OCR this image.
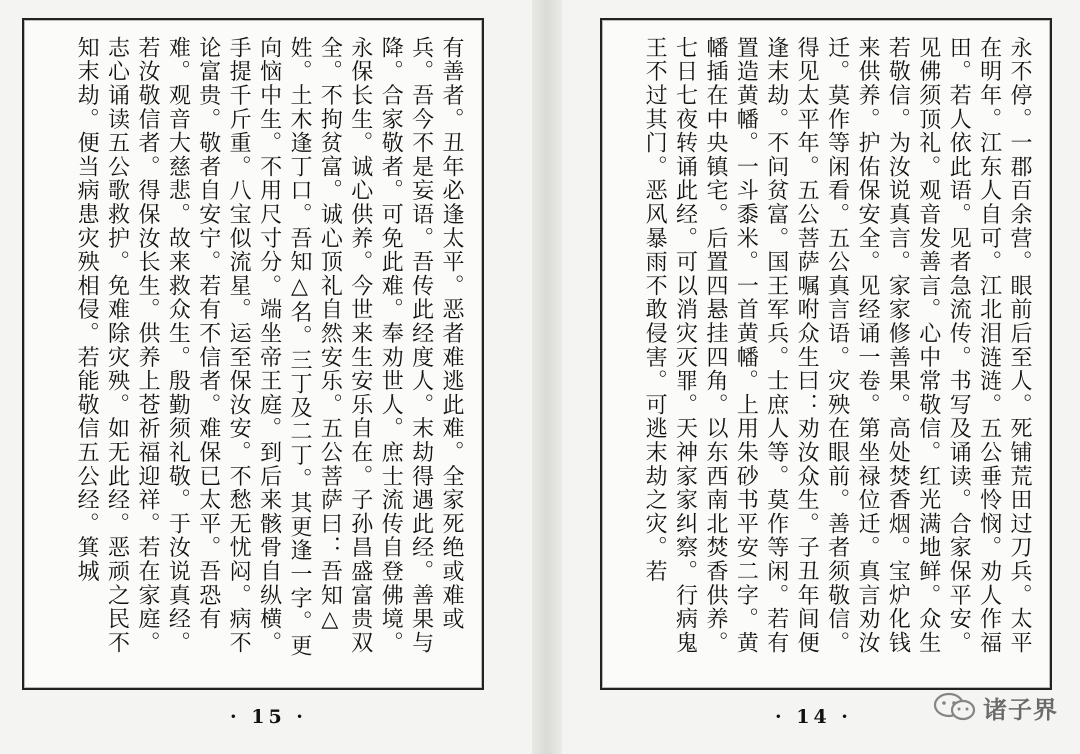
有善者。丑年必逢太平。恶者难逃此难。全家死绝或难或兵。吾今不是妄语。吾传此经度人。末劫得遇此经。善果与降。合家敬者。可免此难。奉劝世人。庶士流传自登佛境。永保长生。诚心供养。今世来生安乐自在。子孙昌盛富贵双全。不拘贫富。诚心顶礼自然安乐。五公菩萨曰：吾知△姓。土木逢丁口。吾知△名。三丁及二丁。其更逢一字。更向恼中生。不用尺寸分。端坐帝王庭。到后来骸骨自纵横。手提千斤重。八宝似流星。运至保汝安。不愁无忧闷。病不论富贵。敬者自安宁。若有不信者。难保已太平。吾恐有难。观音大慈悲。故来救众生。殷勤须礼敬。于汝说真经。若汝敬信者。得保汝长生。供养上苍祈福迎祥。若在家庭。志心诵读五公歌救护。免难除灾殃。如无此经。恶顽之民不知末劫。便当病患灾殃相侵。若能敬信五公经。箕城
· 15 ·
永不停。一郡百余营。眼前后至人。死铺荒田过刀兵。太平在明年。江东人自可。江北泪涟涟。五公垂怜悯。劝人作福田。若人依此语。见者急流传。书写及诵读。合家保平安。见佛须顶礼。观音发善言。心中常敬信。红光满地鲜。众生若敬信。为汝说真言。家家修善果。高处焚香烟。宝炉化钱来供养。护佑保安全。见经诵一卷。第坐禄位迁。真言劝汝迁。莫作等闲看。五公真言语。灾殃在眼前。善者须敬信。得见太平年。五公菩萨嘱咐众生曰：劝汝众生。子丑年间便逢末劫。不问贫富。国王军兵。士庶人等。莫作等闲。若有置造黄幡。一斗黍米。一首黄幡。上用朱砂书平安二字。黄幡插在中央镇宅。后置四悬挂四角。以东西南北焚香供养。七日七夜转诵此经。可以消灾灭罪。天神家家纠察。行病鬼王不过其门。恶风暴雨不敢侵害。可逃末劫之灾。若
· 14 ·	诸子界
